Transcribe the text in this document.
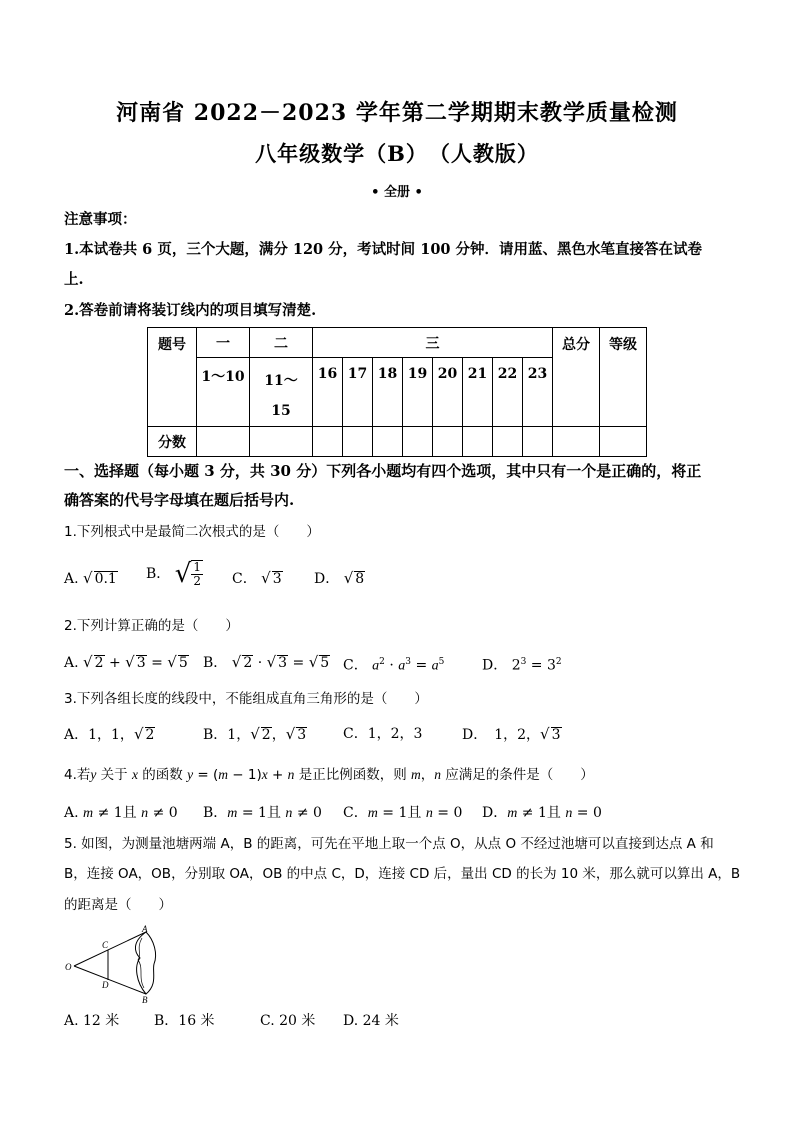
河南省 2022－2023 学年第二学期期末教学质量检测
八年级数学（B）　（人教版）
• 全册 •
注意事项：
1.本试卷共 6 页，三个大题，满分 120 分，考试时间 100 分钟．请用蓝、黑色水笔直接答在试卷
上.
2.答卷前请将装订线内的项目填写清楚.
题号	一	二	三								总分	等级
	1～10	11～
15	16	17	18	19	20	21	22	23		
分数												
一、选择题（每小题 3 分，共 30 分）下列各小题均有四个选项，其中只有一个是正确的，将正
确答案的代号字母填在题后括号内.
1.下列根式中是最简二次根式的是（　　）
A. √ 0.1 B． √ $\frac{1}{2}$ C． √ 3 D． √ 8
2.下列计算正确的是（　　）
A. √ 2 + √ 3 = √ 5 B． √ 2 · √ 3 = √ 5 C． $a^2 \cdot a^3 = a^5$	D． $2^3 = 3^2$
3.下列各组长度的线段中，不能组成直角三角形的是（　　）
A．1，1，√ 2	B．1，√ 2，√ 3	C．1，2，3	D．　1，2，√ 3
4.若y 关于 x 的函数 y = (m − 1)x + n 是正比例函数，则 m，n 应满足的条件是（　　）
A. m ≠ 1且 n ≠ 0 B．m = 1且 n ≠ 0 C．m = 1且 n = 0 D．m ≠ 1且 n = 0
5. 如图，为测量池塘两端 A，B 的距离，可先在平地上取一个点 O，从点 O 不经过池塘可以直接到达点 A 和
B，连接 OA，OB，分别取 OA，OB 的中点 C，D，连接 CD 后，量出 CD 的长为 10 米，那么就可以算出 A，B
的距离是（　　）
A
C
O
D
B
A. 12 米 B．16 米	C. 20 米 D. 24 米
